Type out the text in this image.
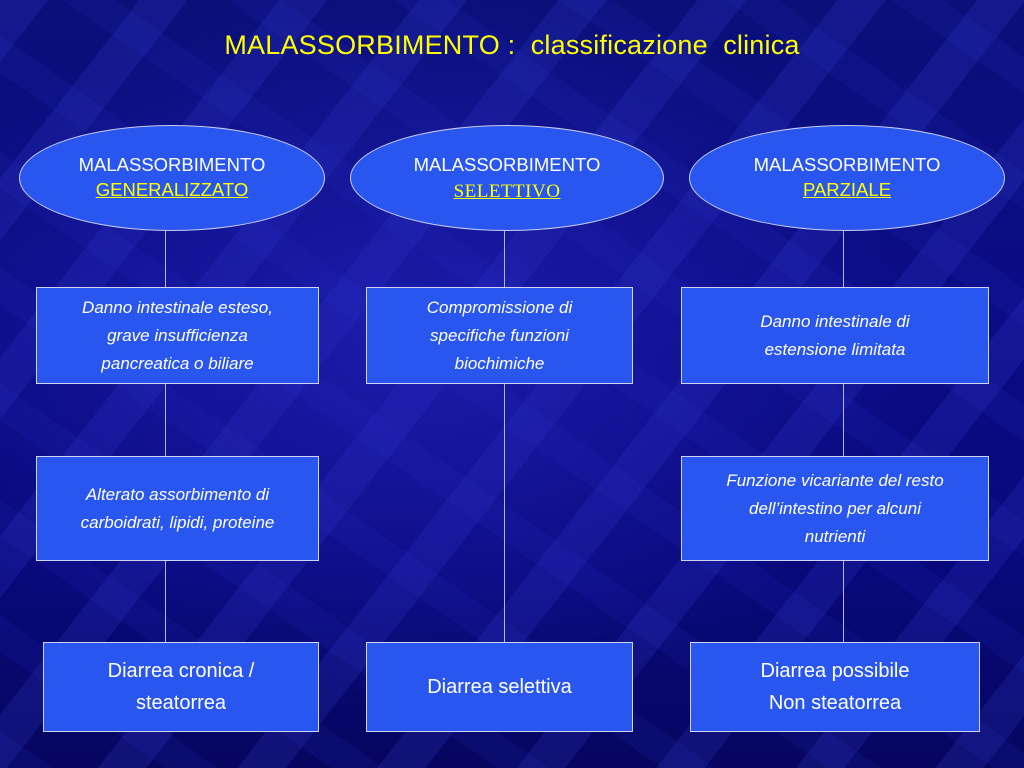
MALASSORBIMENTO :  classificazione  clinica
MALASSORBIMENTO
GENERALIZZATO
Danno intestinale esteso,
grave insufficienza
pancreatica o biliare
Alterato assorbimento di
carboidrati, lipidi, proteine
Diarrea cronica /
steatorrea
MALASSORBIMENTO
SELETTIVO
Compromissione di
specifiche funzioni
biochimiche
Diarrea selettiva
MALASSORBIMENTO
PARZIALE
Danno intestinale di
estensione limitata
Funzione vicariante del resto
dell’intestino per alcuni
nutrienti
Diarrea possibile
Non steatorrea
